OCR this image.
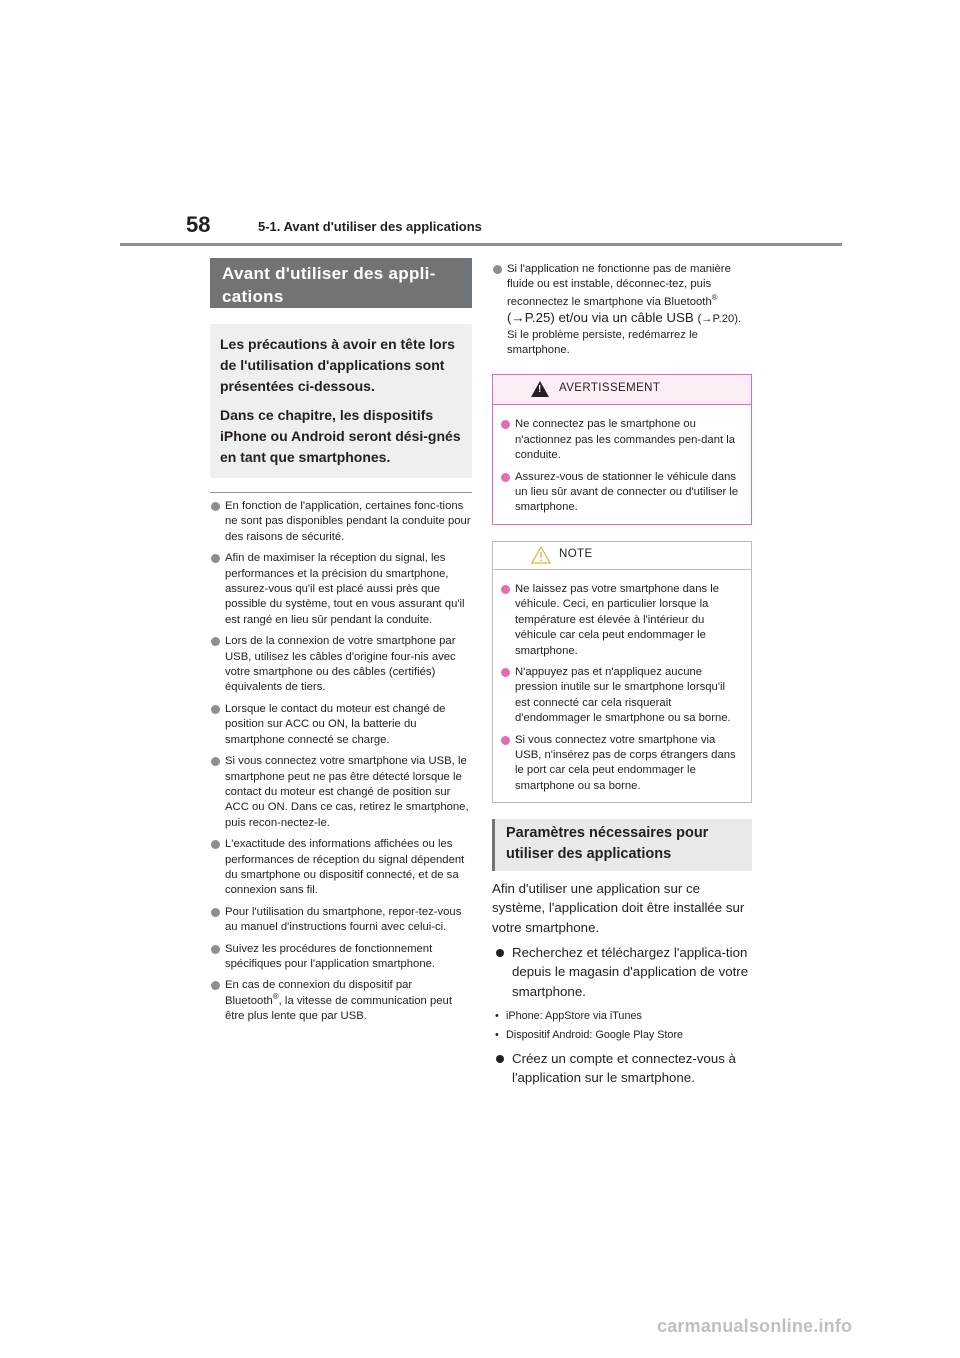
58	5-1. Avant d'utiliser des applications
Avant d'utiliser des appli-cations

Les précautions à avoir en tête lors de l'utilisation d'applications sont présentées ci-dessous.

Dans ce chapitre, les dispositifs iPhone ou Android seront dési-gnés en tant que smartphones.

En fonction de l'application, certaines fonc-tions ne sont pas disponibles pendant la conduite pour des raisons de sécurité.
Afin de maximiser la réception du signal, les performances et la précision du smartphone, assurez-vous qu'il est placé aussi près que possible du système, tout en vous assurant qu'il est rangé en lieu sûr pendant la conduite.
Lors de la connexion de votre smartphone par USB, utilisez les câbles d'origine four-nis avec votre smartphone ou des câbles (certifiés) équivalents de tiers.
Lorsque le contact du moteur est changé de position sur ACC ou ON, la batterie du smartphone connecté se charge.
Si vous connectez votre smartphone via USB, le smartphone peut ne pas être détecté lorsque le contact du moteur est changé de position sur ACC ou ON. Dans ce cas, retirez le smartphone, puis recon-nectez-le.
L'exactitude des informations affichées ou les performances de réception du signal dépendent du smartphone ou dispositif connecté, et de sa connexion sans fil.
Pour l'utilisation du smartphone, repor-tez-vous au manuel d'instructions fourni avec celui-ci.
Suivez les procédures de fonctionnement spécifiques pour l'application smartphone.
En cas de connexion du dispositif par Bluetooth®, la vitesse de communication peut être plus lente que par USB.
Si l'application ne fonctionne pas de manière fluide ou est instable, déconnec-tez, puis reconnectez le smartphone via Bluetooth® (→P.25) et/ou via un câble USB (→P.20). Si le problème persiste, redémarrez le smartphone.
! AVERTISSEMENT
Ne connectez pas le smartphone ou n'actionnez pas les commandes pen-dant la conduite.
Assurez-vous de stationner le véhicule dans un lieu sûr avant de connecter ou d'utiliser le smartphone.
NOTE
Ne laissez pas votre smartphone dans le véhicule. Ceci, en particulier lorsque la température est élevée à l'intérieur du véhicule car cela peut endommager le smartphone.
N'appuyez pas et n'appliquez aucune pression inutile sur le smartphone lorsqu'il est connecté car cela risquerait d'endommager le smartphone ou sa borne.
Si vous connectez votre smartphone via USB, n'insérez pas de corps étrangers dans le port car cela peut endommager le smartphone ou sa borne.
Paramètres nécessaires pour utiliser des applications

Afin d'utiliser une application sur ce système, l'application doit être installée sur votre smartphone.

Recherchez et téléchargez l'applica-tion depuis le magasin d'application de votre smartphone.
• iPhone: AppStore via iTunes
• Dispositif Android: Google Play Store
Créez un compte et connectez-vous à l'application sur le smartphone.
carmanualsonline.info
